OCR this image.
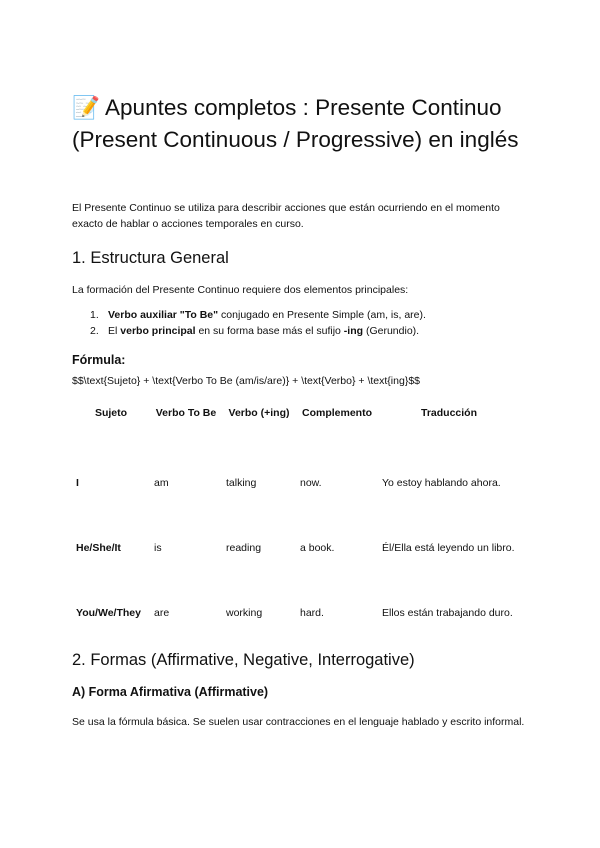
📝 Apuntes completos : Presente Continuo (Present Continuous / Progressive) en inglés

El Presente Continuo se utiliza para describir acciones que están ocurriendo en el momento exacto de hablar o acciones temporales en curso.

1. Estructura General

La formación del Presente Continuo requiere dos elementos principales:

1. Verbo auxiliar "To Be" conjugado en Presente Simple (am, is, are).
2. El verbo principal en su forma base más el sufijo -ing (Gerundio).
Fórmula:

$$\text{Sujeto} + \text{Verbo To Be (am/is/are)} + \text{Verbo} + \text{ing}$$

Sujeto	Verbo To Be	Verbo (+ing)	Complemento	Traducción
I	am	talking	now.	Yo estoy hablando ahora.
He/She/It	is	reading	a book.	Él/Ella está leyendo un libro.
You/We/They	are	working	hard.	Ellos están trabajando duro.
2. Formas (Affirmative, Negative, Interrogative)
A) Forma Afirmativa (Affirmative)

Se usa la fórmula básica. Se suelen usar contracciones en el lenguaje hablado y escrito informal.
